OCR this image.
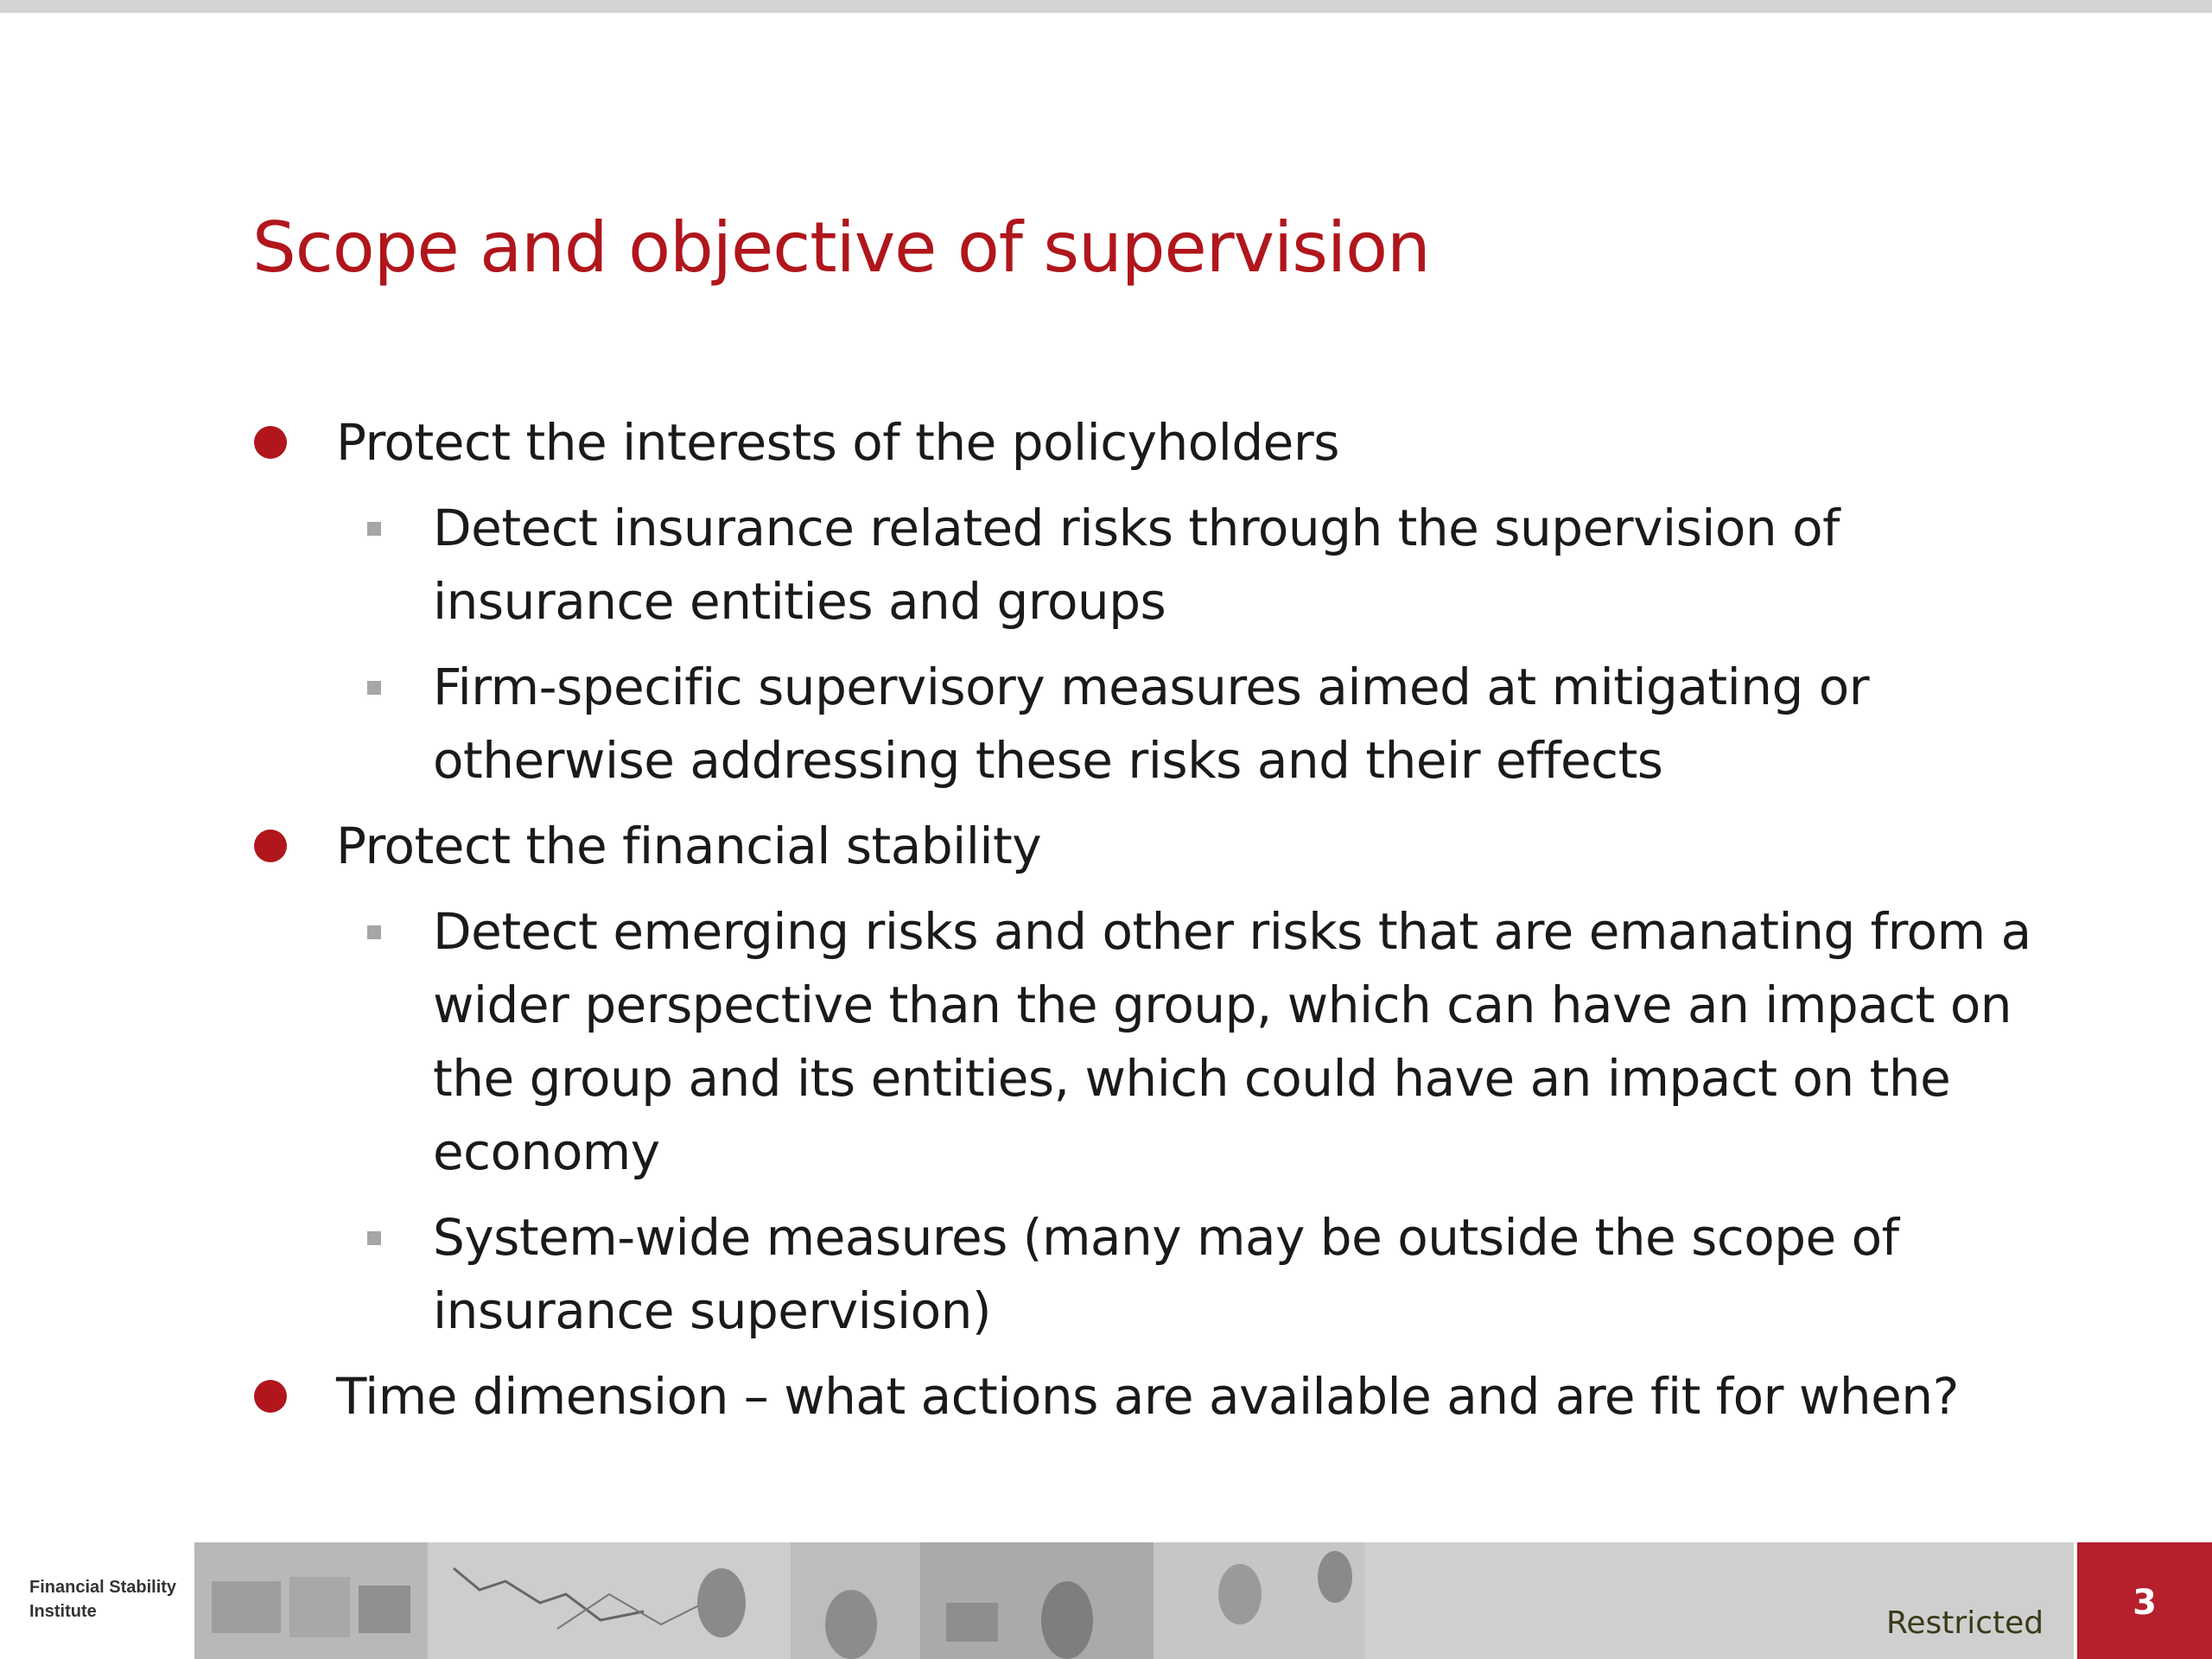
Scope and objective of supervision
Protect the interests of the policyholders
Detect insurance related risks through the supervision of insurance entities and groups
Firm-specific supervisory measures aimed at mitigating or otherwise addressing these risks and their effects
Protect the financial stability
Detect emerging risks and other risks that are emanating from a wider perspective than the group, which can have an impact on the group and its entities, which could have an impact on the economy
System-wide measures (many may be outside the scope of insurance supervision)
Time dimension – what actions are available and are fit for when?
Financial Stability Institute	Restricted
3
